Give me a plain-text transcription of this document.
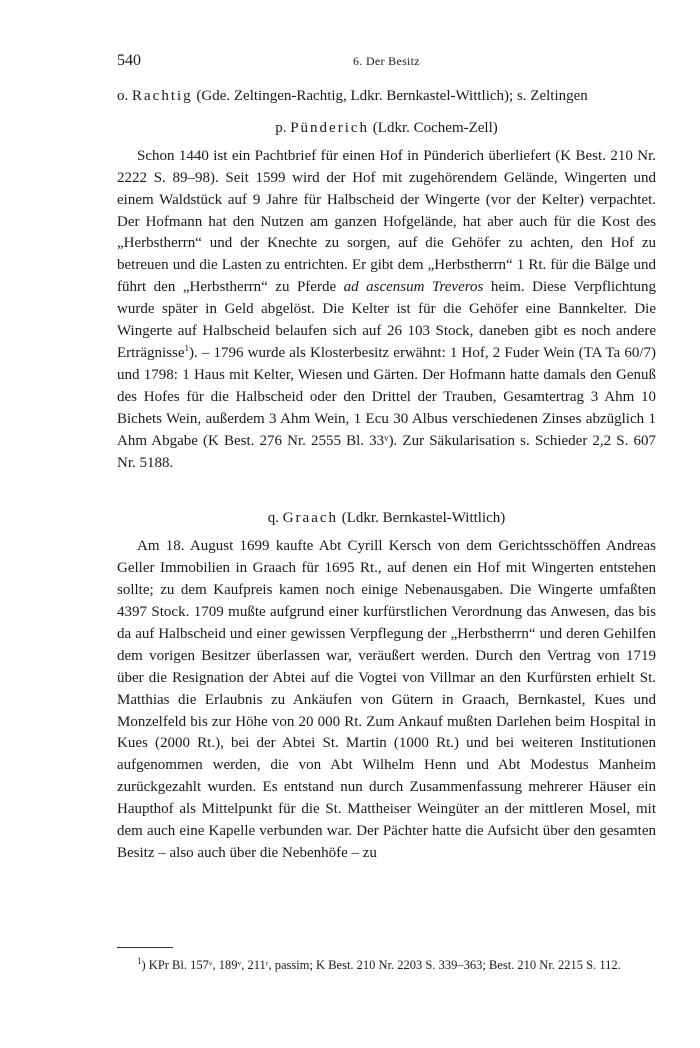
540	6. Der Besitz

o. Rachtig (Gde. Zeltingen-Rachtig, Ldkr. Bernkastel-Wittlich); s. Zeltingen

p. Pünderich (Ldkr. Cochem-Zell)

Schon 1440 ist ein Pachtbrief für einen Hof in Pünderich überliefert (K Best. 210 Nr. 2222 S. 89–98). Seit 1599 wird der Hof mit zugehörendem Gelände, Wingerten und einem Waldstück auf 9 Jahre für Halbscheid der Wingerte (vor der Kelter) verpachtet. Der Hofmann hat den Nutzen am ganzen Hofgelände, hat aber auch für die Kost des „Herbstherrn“ und der Knechte zu sorgen, auf die Gehöfer zu achten, den Hof zu betreuen und die Lasten zu entrichten. Er gibt dem „Herbstherrn“ 1 Rt. für die Bälge und führt den „Herbstherrn“ zu Pferde ad ascensum Treveros heim. Diese Verpflichtung wurde später in Geld abgelöst. Die Kelter ist für die Gehöfer eine Bannkelter. Die Wingerte auf Halbscheid belaufen sich auf 26 103 Stock, daneben gibt es noch andere Erträgnisse$^1$). – 1796 wurde als Klosterbesitz erwähnt: 1 Hof, 2 Fuder Wein (TA Ta 60/7) und 1798: 1 Haus mit Kelter, Wiesen und Gärten. Der Hofmann hatte damals den Genuß des Hofes für die Halbscheid oder den Drittel der Trauben, Gesamtertrag 3 Ahm 10 Bichets Wein, außerdem 3 Ahm Wein, 1 Ecu 30 Albus verschiedenen Zinses abzüglich 1 Ahm Abgabe (K Best. 276 Nr. 2555 Bl. 33ᵛ). Zur Säkularisation s. Schieder 2,2 S. 607 Nr. 5188.

q. Graach (Ldkr. Bernkastel-Wittlich)

Am 18. August 1699 kaufte Abt Cyrill Kersch von dem Gerichtsschöffen Andreas Geller Immobilien in Graach für 1695 Rt., auf denen ein Hof mit Wingerten entstehen sollte; zu dem Kaufpreis kamen noch einige Nebenausgaben. Die Wingerte umfaßten 4397 Stock. 1709 mußte aufgrund einer kurfürstlichen Verordnung das Anwesen, das bis da auf Halbscheid und einer gewissen Verpflegung der „Herbstherrn“ und deren Gehilfen dem vorigen Besitzer überlassen war, veräußert werden. Durch den Vertrag von 1719 über die Resignation der Abtei auf die Vogtei von Villmar an den Kurfürsten erhielt St. Matthias die Erlaubnis zu Ankäufen von Gütern in Graach, Bernkastel, Kues und Monzelfeld bis zur Höhe von 20 000 Rt. Zum Ankauf mußten Darlehen beim Hospital in Kues (2000 Rt.), bei der Abtei St. Martin (1000 Rt.) und bei weiteren Institutionen aufgenommen werden, die von Abt Wilhelm Henn und Abt Modestus Manheim zurückgezahlt wurden. Es entstand nun durch Zusammenfassung mehrerer Häuser ein Haupthof als Mittelpunkt für die St. Mattheiser Weingüter an der mittleren Mosel, mit dem auch eine Kapelle verbunden war. Der Pächter hatte die Aufsicht über den gesamten Besitz – also auch über die Nebenhöfe – zu

$^1$) KPr Bl. 157ᵛ, 189ᵛ, 211ʳ, passim; K Best. 210 Nr. 2203 S. 339–363; Best. 210 Nr. 2215 S. 112.
